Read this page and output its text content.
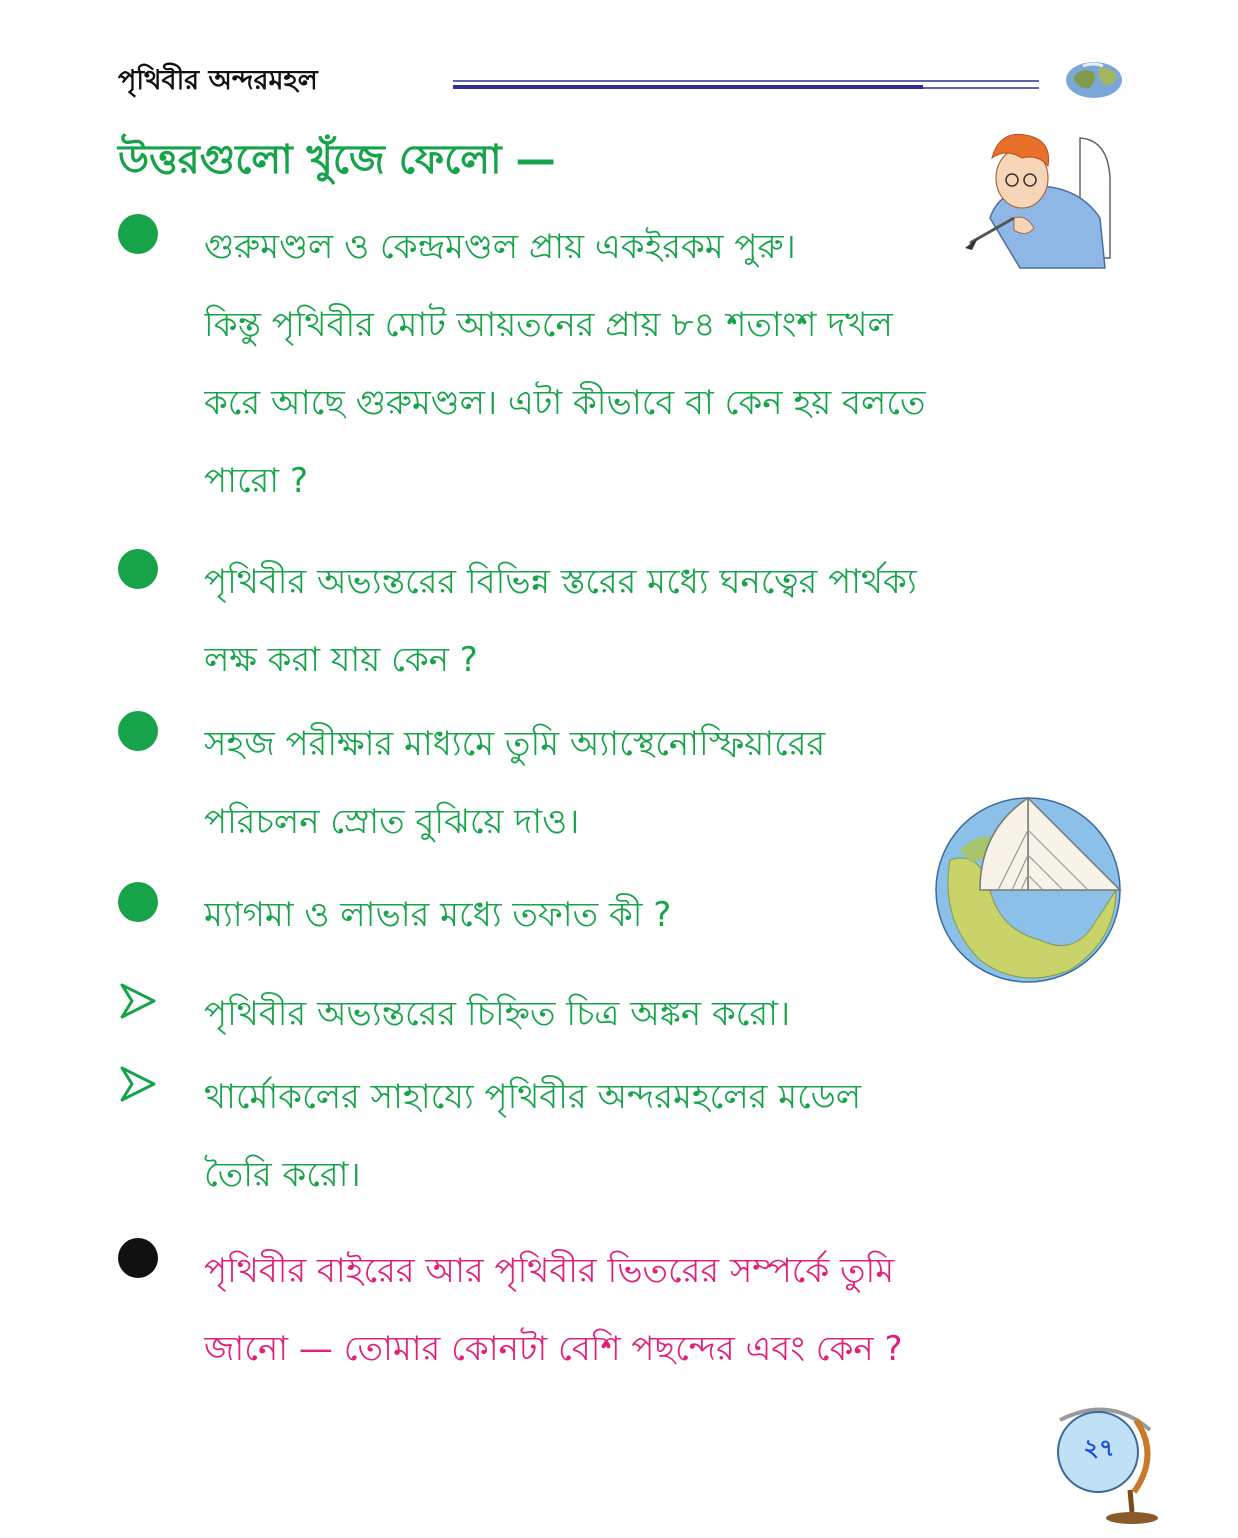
পৃথিবীর অন্দরমহল
উত্তরগুলো খুঁজে ফেলো —
গুরুমণ্ডল ও কেন্দ্রমণ্ডল প্রায় একইরকম পুরু।
কিন্তু পৃথিবীর মোট আয়তনের প্রায় ৮৪ শতাংশ দখল
করে আছে গুরুমণ্ডল। এটা কীভাবে বা কেন হয় বলতে
পারো ?
পৃথিবীর অভ্যন্তরের বিভিন্ন স্তরের মধ্যে ঘনত্বের পার্থক্য
লক্ষ করা যায় কেন ?
সহজ পরীক্ষার মাধ্যমে তুমি অ্যাস্থেনোস্ফিয়ারের
পরিচলন স্রোত বুঝিয়ে দাও।
ম্যাগমা ও লাভার মধ্যে তফাত কী ?
পৃথিবীর অভ্যন্তরের চিহ্নিত চিত্র অঙ্কন করো।
থার্মোকলের সাহায্যে পৃথিবীর অন্দরমহলের মডেল
তৈরি করো।
পৃথিবীর বাইরের আর পৃথিবীর ভিতরের সম্পর্কে তুমি
জানো — তোমার কোনটা বেশি পছন্দের এবং কেন ?
২৭
